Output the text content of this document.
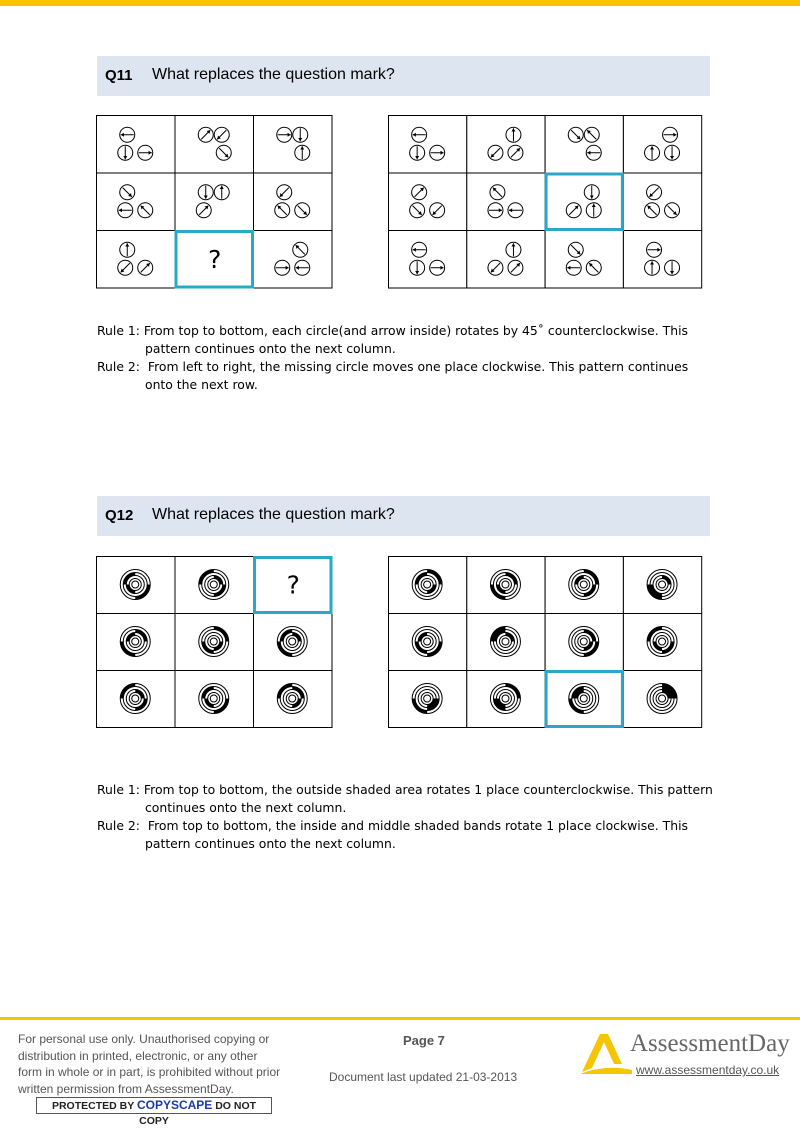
Q11 What replaces the question mark?
?
Rule 1: From top to bottom, each circle(and arrow inside) rotates by 45˚ counterclockwise. This
pattern continues onto the next column.
Rule 2: From left to right, the missing circle moves one place clockwise. This pattern continues
onto the next row.
Q12 What replaces the question mark?
?
Rule 1: From top to bottom, the outside shaded area rotates 1 place counterclockwise. This pattern
continues onto the next column.
Rule 2: From top to bottom, the inside and middle shaded bands rotate 1 place clockwise. This
pattern continues onto the next column.
For personal use only. Unauthorised copying or distribution in printed, electronic, or any other form in whole or in part, is prohibited without prior written permission from AssessmentDay.
PROTECTED BY COPYSCAPE DO NOT COPY
Page 7
Document last updated 21-03-2013
AssessmentDay
www.assessmentday.co.uk
